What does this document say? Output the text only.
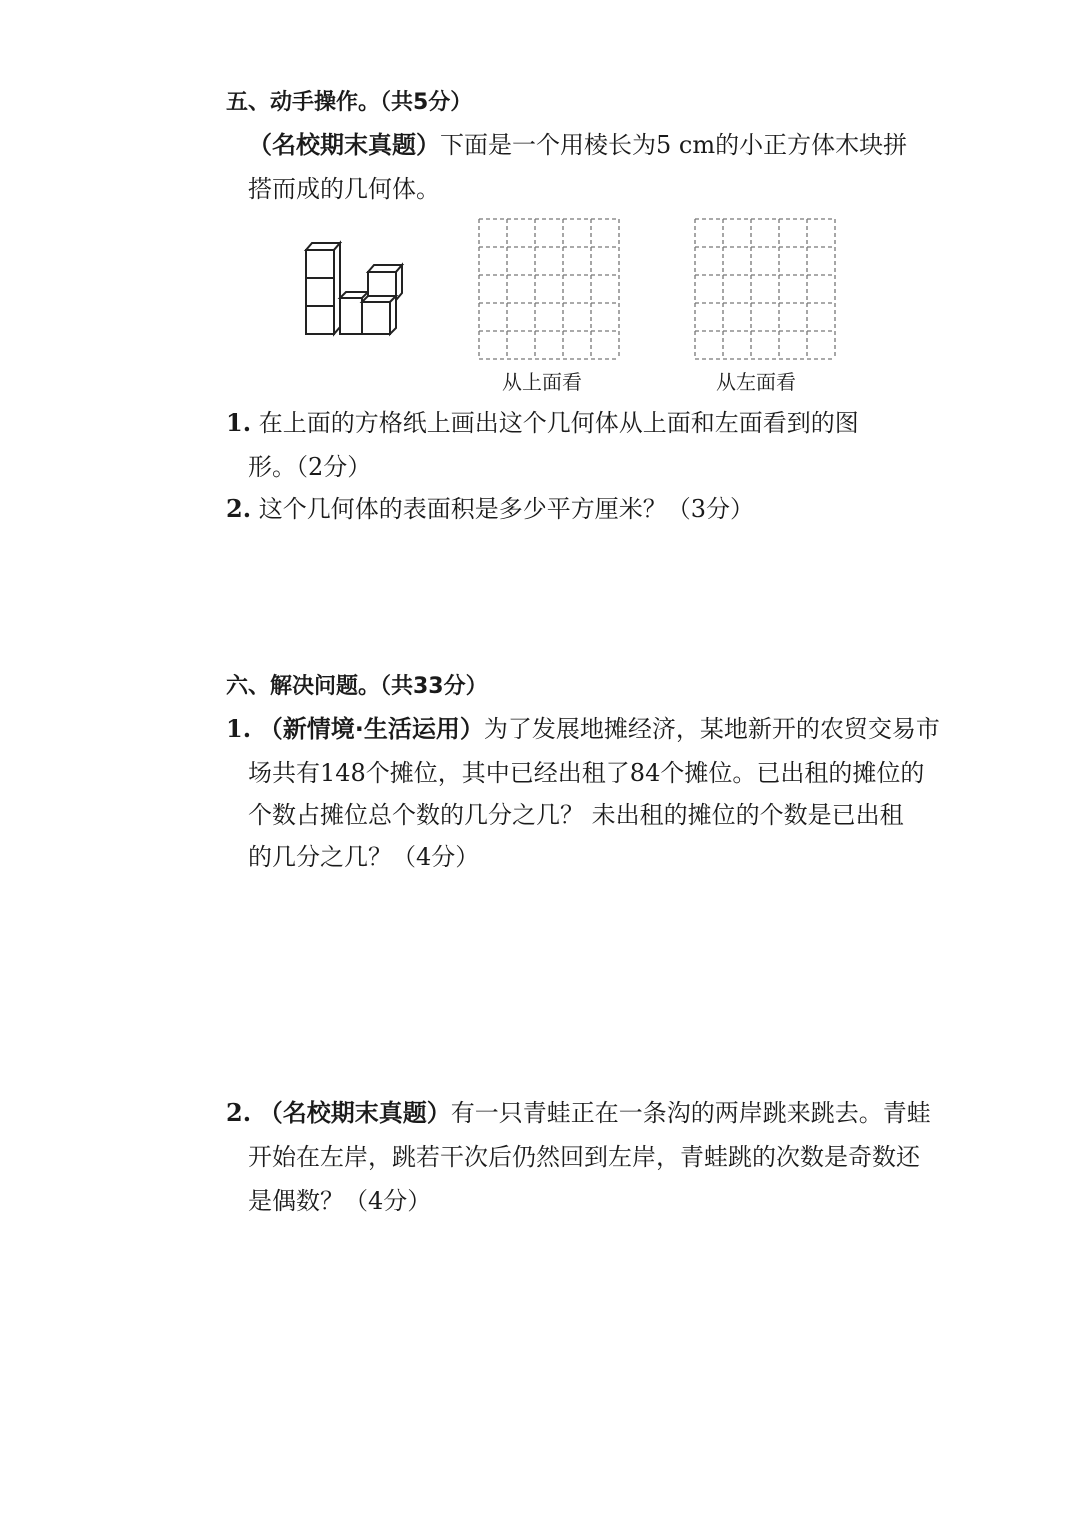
五、动手操作。（共5分）
（名校期末真题）下面是一个用棱长为5 cm的小正方体木块拼
搭而成的几何体。
从上面看	从左面看
1. 在上面的方格纸上画出这个几何体从上面和左面看到的图
形。（2分）
2. 这个几何体的表面积是多少平方厘米？（3分）
六、解决问题。（共33分）
1. （新情境·生活运用）为了发展地摊经济，某地新开的农贸交易市
场共有148个摊位，其中已经出租了84个摊位。已出租的摊位的
个数占摊位总个数的几分之几？ 未出租的摊位的个数是已出租
的几分之几？（4分）
2. （名校期末真题）有一只青蛙正在一条沟的两岸跳来跳去。青蛙
开始在左岸，跳若干次后仍然回到左岸，青蛙跳的次数是奇数还
是偶数？（4分）
